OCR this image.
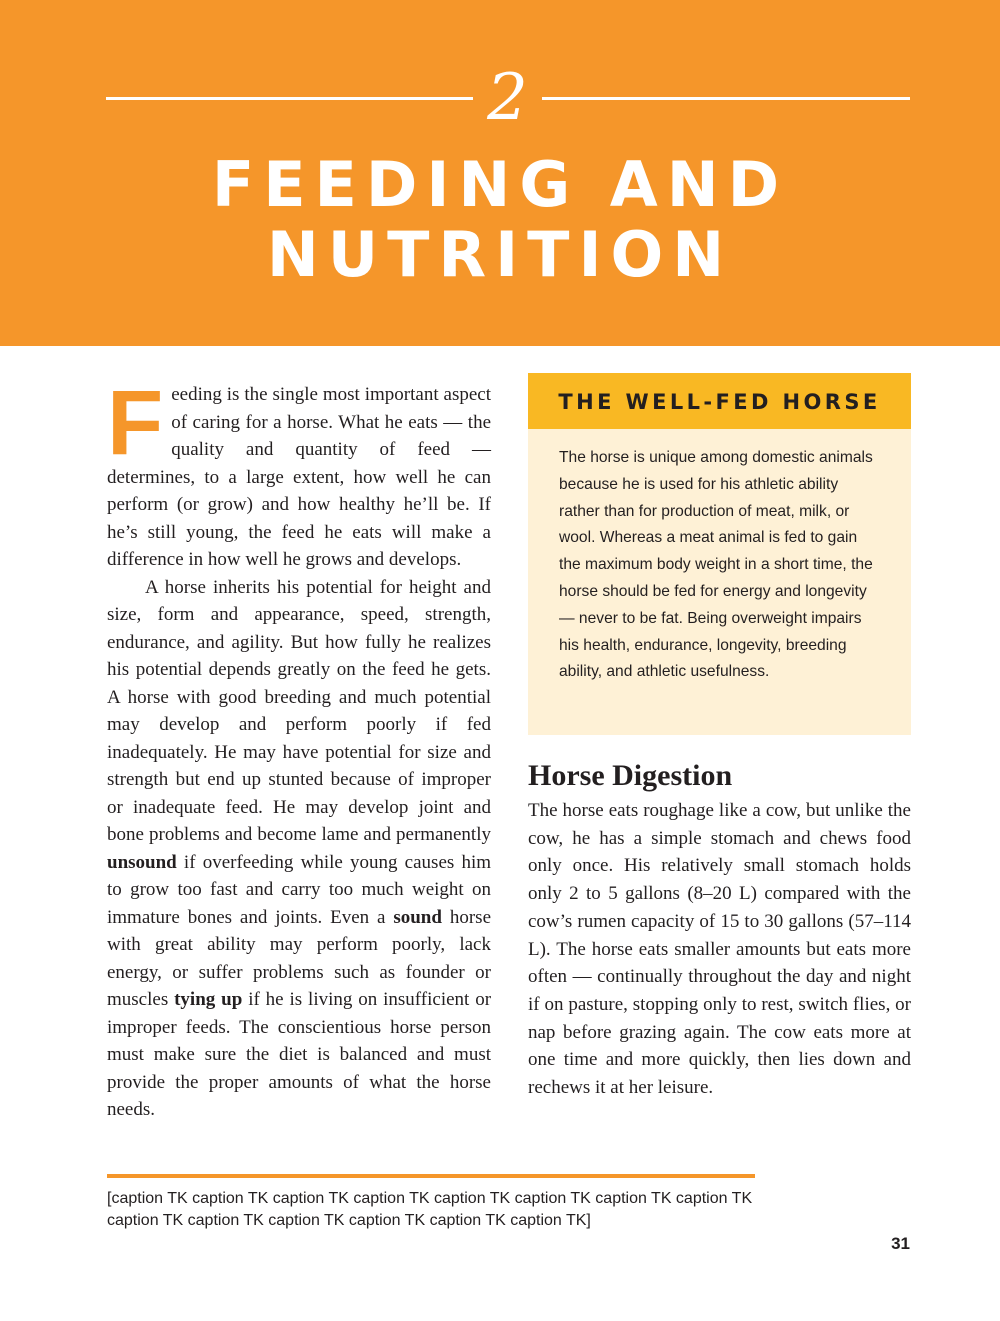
2
FEEDING AND
NUTRITION

Feeding is the single most important aspect of caring for a horse. What he eats — the quality and quantity of feed — determines, to a large extent, how well he can perform (or grow) and how healthy he’ll be. If he’s still young, the feed he eats will make a difference in how well he grows and develops.

A horse inherits his potential for height and size, form and appearance, speed, strength, endurance, and agility. But how fully he realizes his potential depends greatly on the feed he gets. A horse with good breeding and much potential may develop and perform poorly if fed inadequately. He may have potential for size and strength but end up stunted because of improper or inadequate feed. He may develop joint and bone problems and become lame and permanently unsound if overfeeding while young causes him to grow too fast and carry too much weight on immature bones and joints. Even a sound horse with great ability may perform poorly, lack energy, or suffer problems such as founder or muscles tying up if he is living on insufficient or improper feeds. The conscientious horse person must make sure the diet is balanced and must provide the proper amounts of what the horse needs.

THE WELL-FED HORSE
The horse is unique among domestic animals because he is used for his athletic ability rather than for production of meat, milk, or wool. Whereas a meat animal is fed to gain the maximum body weight in a short time, the horse should be fed for energy and longevity — never to be fat. Being overweight impairs his health, endurance, longevity, breeding ability, and athletic usefulness.
Horse Digestion

The horse eats roughage like a cow, but unlike the cow, he has a simple stomach and chews food only once. His relatively small stomach holds only 2 to 5 gallons (8–20 L) compared with the cow’s rumen capacity of 15 to 30 gallons (57–114 L). The horse eats smaller amounts but eats more often — continually throughout the day and night if on pasture, stopping only to rest, switch flies, or nap before grazing again. The cow eats more at one time and more quickly, then lies down and rechews it at her leisure.

[caption TK caption TK caption TK caption TK caption TK caption TK caption TK caption TK caption TK caption TK caption TK caption TK caption TK caption TK]
31
